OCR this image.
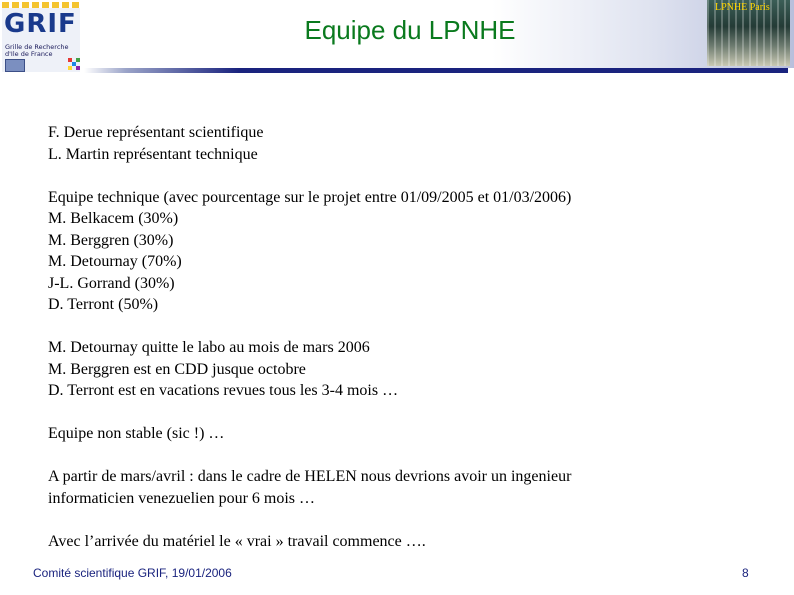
GRIF
Grille de Recherche
d'Ile de France
Equipe du LPNHE
LPNHE Paris

F. Derue représentant scientifique

L. Martin représentant technique

Equipe technique (avec pourcentage sur le projet entre 01/09/2005 et 01/03/2006)

M. Belkacem (30%)

M. Berggren (30%)

M. Detournay (70%)

J-L. Gorrand (30%)

D. Terront (50%)

M. Detournay quitte le labo au mois de mars 2006

M. Berggren est en CDD jusque octobre

D. Terront est en vacations revues tous les 3-4 mois …

Equipe non stable (sic !) …

A partir de mars/avril : dans le cadre de HELEN nous devrions avoir un ingenieur

informaticien venezuelien pour 6 mois …

Avec l’arrivée du matériel le « vrai » travail commence ….

Comité scientifique GRIF, 19/01/2006	8
